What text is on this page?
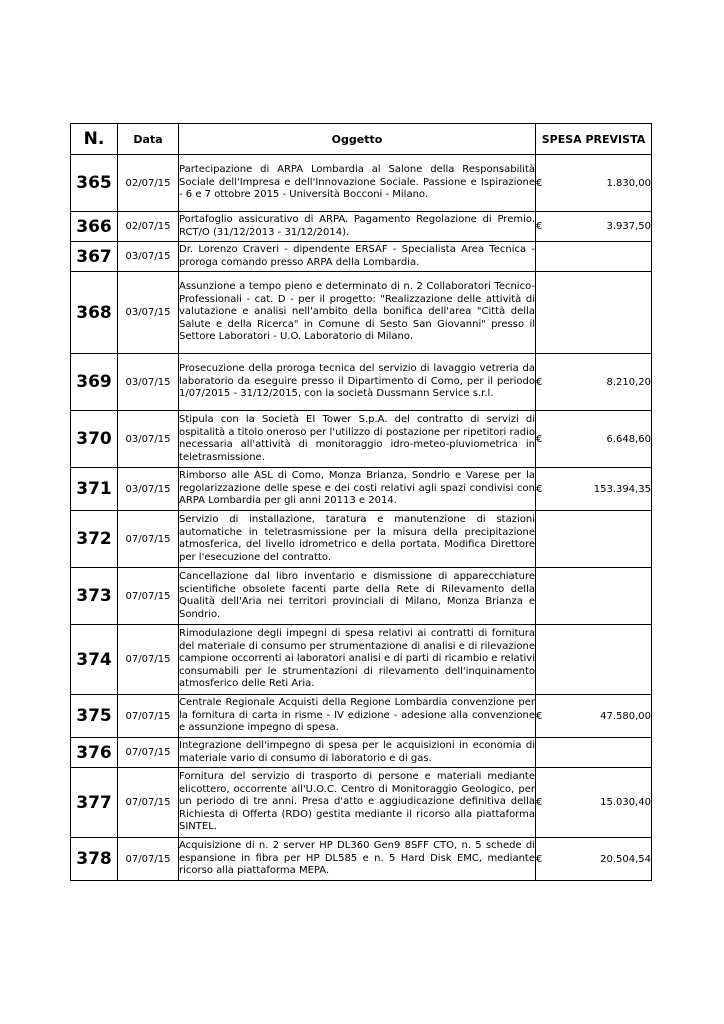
N.	Data	Oggetto	SPESA PREVISTA
365	02/07/15	Partecipazione di ARPA Lombardia al Salone della Responsabilità Sociale dell'Impresa e dell'Innovazione Sociale. Passione e Ispirazione - 6 e 7 ottobre 2015 - Università Bocconi - Milano.	€ 1.830,00

366	02/07/15	Portafoglio assicurativo di ARPA. Pagamento Regolazione di Premio. RCT/O (31/12/2013 - 31/12/2014).	€ 3.937,50

367	03/07/15	Dr. Lorenzo Craveri - dipendente ERSAF - Specialista Area Tecnica - proroga comando presso ARPA della Lombardia.	
368	03/07/15	Assunzione a tempo pieno e determinato di n. 2 Collaboratori Tecnico-Professionali - cat. D - per il progetto: "Realizzazione delle attività di valutazione e analisi nell'ambito della bonifica dell'area "Città della Salute e della Ricerca" in Comune di Sesto San Giovanni" presso il Settore Laboratori - U.O. Laboratorio di Milano.	
369	03/07/15	Prosecuzione della proroga tecnica del servizio di lavaggio vetreria da laboratorio da eseguire presso il Dipartimento di Como, per il periodo 1/07/2015 - 31/12/2015, con la società Dussmann Service s.r.l.	€ 8.210,20

370	03/07/15	Stipula con la Società EI Tower S.p.A. del contratto di servizi di ospitalità a titolo oneroso per l'utilizzo di postazione per ripetitori radio necessaria all'attività di monitoraggio idro-meteo-pluviometrica in teletrasmissione.	€ 6.648,60

371	03/07/15	Rimborso alle ASL di Como, Monza Brianza, Sondrio e Varese per la regolarizzazione delle spese e dei costi relativi agli spazi condivisi con ARPA Lombardia per gli anni 20113 e 2014.	€ 153.394,35

372	07/07/15	Servizio di installazione, taratura e manutenzione di stazioni automatiche in teletrasmissione per la misura della precipitazione atmosferica, del livello idrometrico e della portata. Modifica Direttore per l'esecuzione del contratto.	
373	07/07/15	Cancellazione dal libro inventario e dismissione di apparecchiature scientifiche obsolete facenti parte della Rete di Rilevamento della Qualità dell'Aria nei territori provinciali di Milano, Monza Brianza e Sondrio.	
374	07/07/15	Rimodulazione degli impegni di spesa relativi ai contratti di fornitura del materiale di consumo per strumentazione di analisi e di rilevazione campione occorrenti ai laboratori analisi e di parti di ricambio e relativi consumabili per le strumentazioni di rilevamento dell'inquinamento atmosferico delle Reti Aria.	
375	07/07/15	Centrale Regionale Acquisti della Regione Lombardia convenzione per la fornitura di carta in risme - IV edizione - adesione alla convenzione e assunzione impegno di spesa.	€ 47.580,00

376	07/07/15	Integrazione dell'impegno di spesa per le acquisizioni in economia di materiale vario di consumo di laboratorio e di gas.	
377	07/07/15	Fornitura del servizio di trasporto di persone e materiali mediante elicottero, occorrente all'U.O.C. Centro di Monitoraggio Geologico, per un periodo di tre anni. Presa d'atto e aggiudicazione definitiva della Richiesta di Offerta (RDO) gestita mediante il ricorso alla piattaforma SINTEL.	€ 15.030,40

378	07/07/15	Acquisizione di n. 2 server HP DL360 Gen9 8SFF CTO, n. 5 schede di espansione in fibra per HP DL585 e n. 5 Hard Disk EMC, mediante ricorso alla piattaforma MEPA.	€ 20.504,54
